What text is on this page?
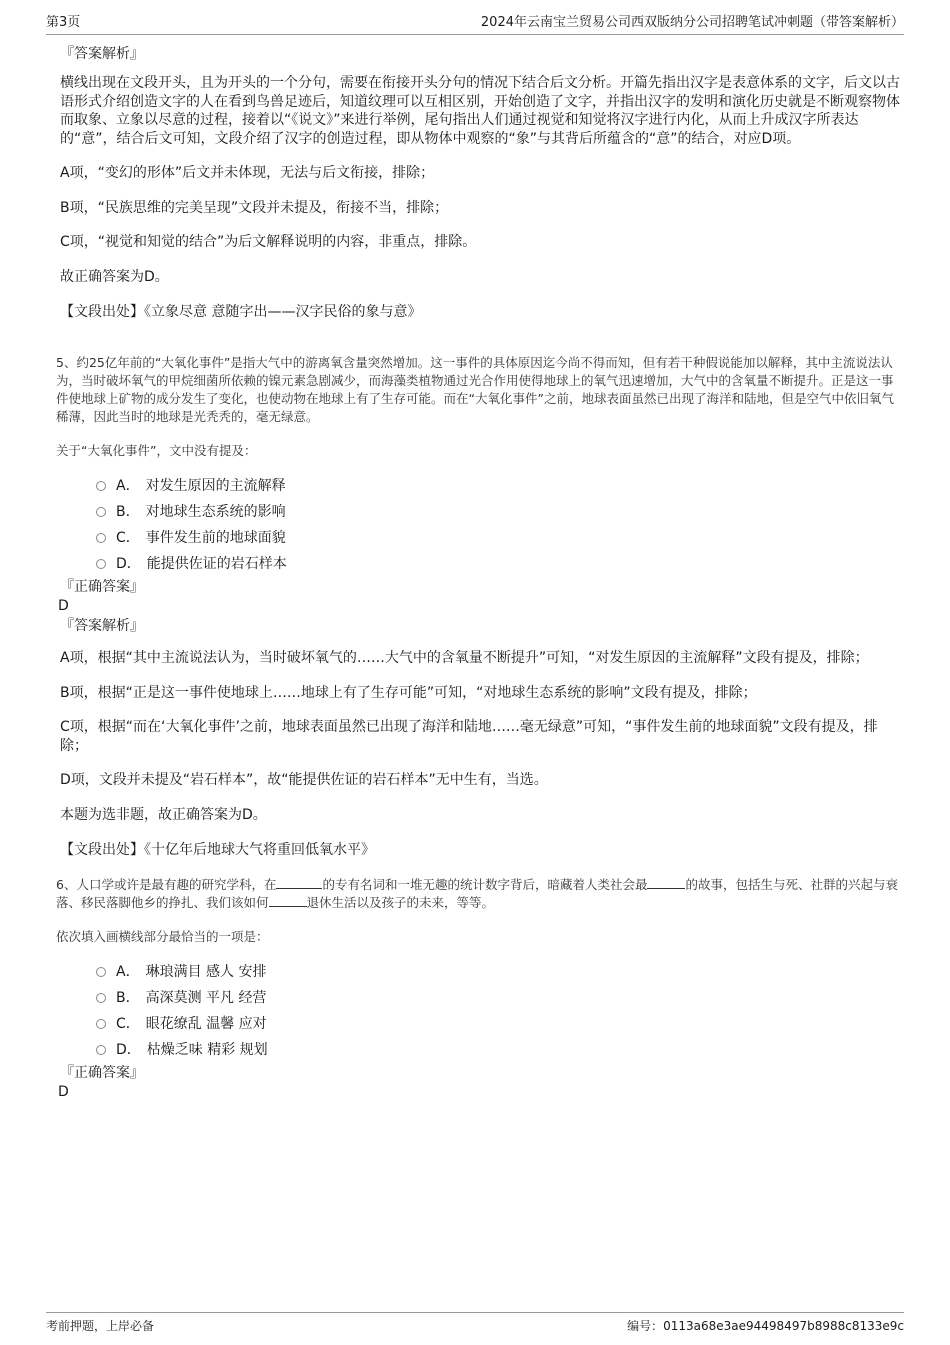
第3页	2024年云南宝兰贸易公司西双版纳分公司招聘笔试冲刺题（带答案解析）
『答案解析』
横线出现在文段开头，且为开头的一个分句，需要在衔接开头分句的情况下结合后文分析。开篇先指出汉字是表意体系的文字，后文以古语形式介绍创造文字的人在看到鸟兽足迹后，知道纹理可以互相区别，开始创造了文字，并指出汉字的发明和演化历史就是不断观察物体而取象、立象以尽意的过程，接着以“《说文》”来进行举例，尾句指出人们通过视觉和知觉将汉字进行内化，从而上升成汉字所表达的“意”，结合后文可知，文段介绍了汉字的创造过程，即从物体中观察的“象”与其背后所蕴含的“意”的结合，对应D项。
A项，“变幻的形体”后文并未体现，无法与后文衔接，排除；
B项，“民族思维的完美呈现”文段并未提及，衔接不当，排除；
C项，“视觉和知觉的结合”为后文解释说明的内容，非重点，排除。
故正确答案为D。
【文段出处】《立象尽意 意随字出——汉字民俗的象与意》
5、约25亿年前的“大氧化事件”是指大气中的游离氧含量突然增加。这一事件的具体原因迄今尚不得而知，但有若干种假说能加以解释，其中主流说法认为，当时破坏氧气的甲烷细菌所依赖的镍元素急剧减少，而海藻类植物通过光合作用使得地球上的氧气迅速增加，大气中的含氧量不断提升。正是这一事件使地球上矿物的成分发生了变化，也使动物在地球上有了生存可能。而在“大氧化事件”之前，地球表面虽然已出现了海洋和陆地，但是空气中依旧氧气稀薄，因此当时的地球是光秃秃的，毫无绿意。
关于“大氧化事件”，文中没有提及：
A． 对发生原因的主流解释
B． 对地球生态系统的影响
C． 事件发生前的地球面貌
D． 能提供佐证的岩石样本
『正确答案』
D
『答案解析』
A项，根据“其中主流说法认为，当时破坏氧气的……大气中的含氧量不断提升”可知，“对发生原因的主流解释”文段有提及，排除；
B项，根据“正是这一事件使地球上……地球上有了生存可能”可知，“对地球生态系统的影响”文段有提及，排除；
C项，根据“而在‘大氧化事件’之前，地球表面虽然已出现了海洋和陆地……毫无绿意”可知，“事件发生前的地球面貌”文段有提及，排除；
D项，文段并未提及“岩石样本”，故“能提供佐证的岩石样本”无中生有，当选。
本题为选非题，故正确答案为D。
【文段出处】《十亿年后地球大气将重回低氧水平》
6、人口学或许是最有趣的研究学科，在	的专有名词和一堆无趣的统计数字背后，暗藏着人类社会最	的故事，包括生与死、社群的兴起与衰落、移民落脚他乡的挣扎、我们该如何	退休生活以及孩子的未来，等等。
依次填入画横线部分最恰当的一项是：
A． 琳琅满目 感人 安排
B． 高深莫测 平凡 经营
C． 眼花缭乱 温馨 应对
D． 枯燥乏味 精彩 规划
『正确答案』
D
考前押题，上岸必备	编号：0113a68e3ae94498497b8988c8133e9c
